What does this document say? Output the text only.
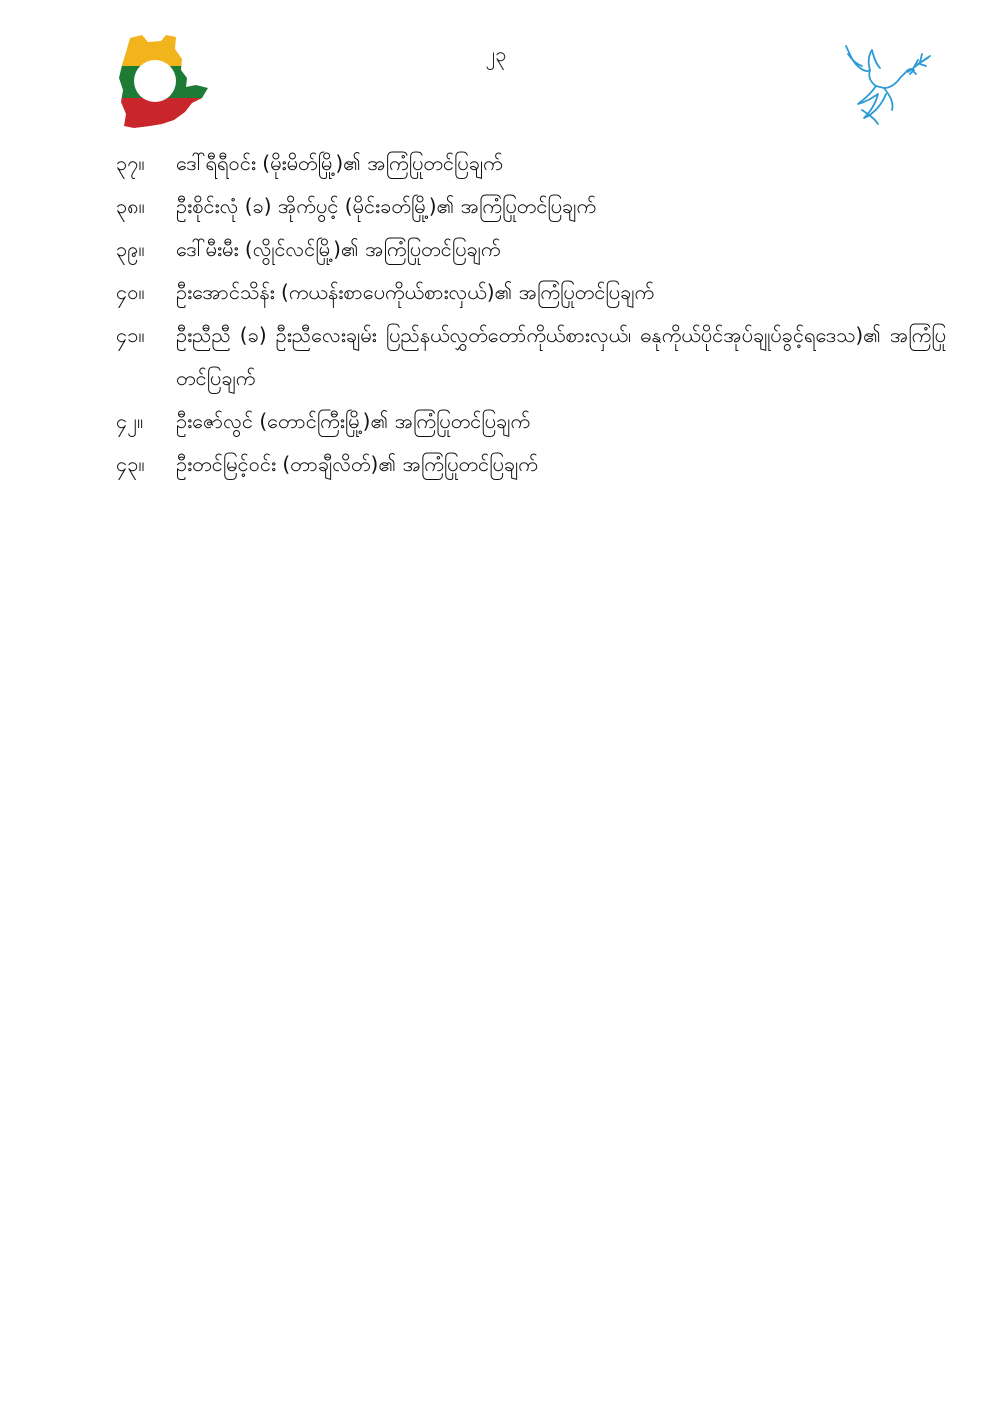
၂၃
၃၇။	ဒေါ်ရီရီဝင်း (မိုးမိတ်မြို့)၏ အကြံပြုတင်ပြချက်
၃၈။	ဦးစိုင်းလုံ (ခ) အိုက်ပွင့် (မိုင်းခတ်မြို့)၏ အကြံပြုတင်ပြချက်
၃၉။	ဒေါ်မီးမီး (လွိုင်လင်မြို့)၏ အကြံပြုတင်ပြချက်
၄၀။	ဦးအောင်သိန်း (ကယန်းစာပေကိုယ်စားလှယ်)၏ အကြံပြုတင်ပြချက်
၄၁။	ဦးညီညီ (ခ) ဦးညီလေးချမ်း ပြည်နယ်လွှတ်တော်ကိုယ်စားလှယ်၊ ဓနုကိုယ်ပိုင်အုပ်ချုပ်ခွင့်ရဒေသ)၏ အကြံပြုတင်ပြချက်
၄၂။	ဦးဇော်လွင် (တောင်ကြီးမြို့)၏ အကြံပြုတင်ပြချက်
၄၃။	ဦးတင်မြင့်ဝင်း (တာချီလိတ်)၏ အကြံပြုတင်ပြချက်
